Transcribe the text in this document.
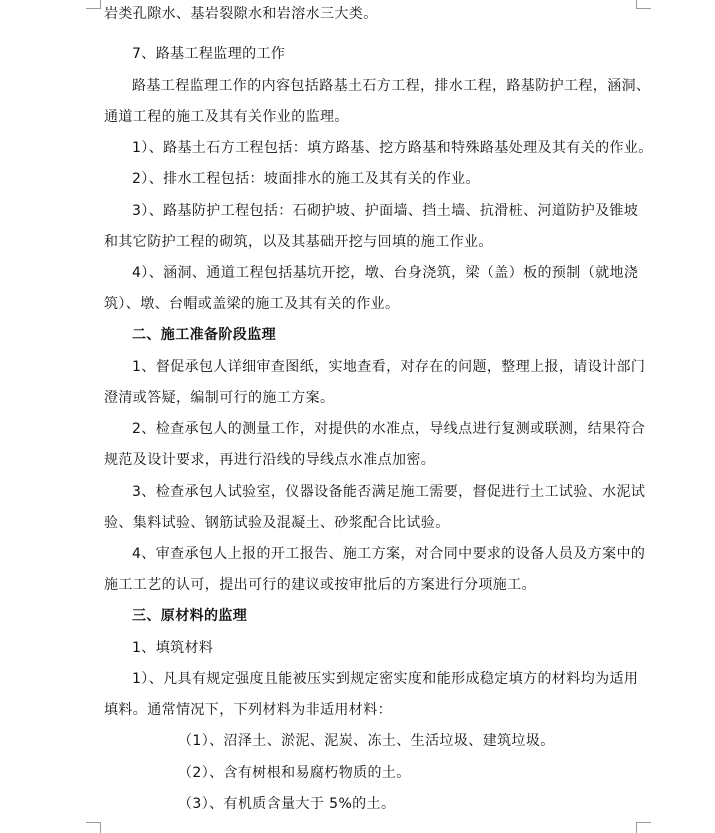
岩类孔隙水、基岩裂隙水和岩溶水三大类。
7、路基工程监理的工作
路基工程监理工作的内容包括路基土石方工程，排水工程，路基防护工程，涵洞、
通道工程的施工及其有关作业的监理。
1）、路基土石方工程包括：填方路基、挖方路基和特殊路基处理及其有关的作业。
2）、排水工程包括：坡面排水的施工及其有关的作业。
3）、路基防护工程包括：石砌护坡、护面墙、挡土墙、抗滑桩、河道防护及锥坡
和其它防护工程的砌筑，以及其基础开挖与回填的施工作业。
4）、涵洞、通道工程包括基坑开挖，墩、台身浇筑，梁（盖）板的预制（就地浇
筑）、墩、台帽或盖梁的施工及其有关的作业。
二、施工准备阶段监理
1、督促承包人详细审查图纸，实地查看，对存在的问题，整理上报，请设计部门
澄清或答疑，编制可行的施工方案。
2、检查承包人的测量工作，对提供的水准点，导线点进行复测或联测，结果符合
规范及设计要求，再进行沿线的导线点水准点加密。
3、检查承包人试验室，仪器设备能否满足施工需要，督促进行土工试验、水泥试
验、集料试验、钢筋试验及混凝土、砂浆配合比试验。
4、审查承包人上报的开工报告、施工方案，对合同中要求的设备人员及方案中的
施工工艺的认可，提出可行的建议或按审批后的方案进行分项施工。
三、原材料的监理
1、填筑材料
1）、凡具有规定强度且能被压实到规定密实度和能形成稳定填方的材料均为适用
填料。通常情况下，下列材料为非适用材料：
（1）、沼泽土、淤泥、泥炭、冻土、生活垃圾、建筑垃圾。
（2）、含有树根和易腐朽物质的土。
（3）、有机质含量大于 5%的土。
